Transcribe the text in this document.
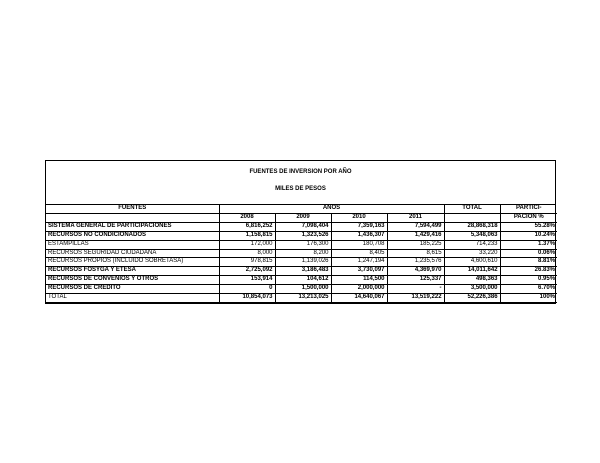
FUENTES DE INVERSION POR AÑO
MILES DE PESOS
FUENTES	AÑOS				TOTAL	PARTICI-
	2008	2009	2010	2011		PACION %
SISTEMA GENERAL DE PARTICIPACIONES	6,816,252	7,098,404	7,359,163	7,594,499	28,868,318	55.28%
RECURSOS NO CONDICIONADOS	1,158,815	1,323,526	1,436,307	1,429,416	5,348,063	10.24%
ESTAMPILLAS	172,000	176,300	180,708	185,225	714,233	1.37%
RECURSOS SEGURIDAD CIUDADANA	8,000	8,200	8,405	8,615	33,220	0.06%
RECURSOS PROPIOS (INCLUIDO SOBRETASA)	978,815	1,139,026	1,247,194	1,235,576	4,600,610	8.81%
RECURSOS FOSYGA Y ETESA	2,725,092	3,186,483	3,730,097	4,369,970	14,011,642	26.83%
RECURSOS DE CONVENIOS Y OTROS	153,914	104,612	114,500	125,337	498,363	0.95%
RECURSOS DE CREDITO	0	1,500,000	2,000,000	-	3,500,000	6.70%
TOTAL	10,854,073	13,213,025	14,640,067	13,519,222	52,226,386	100%
